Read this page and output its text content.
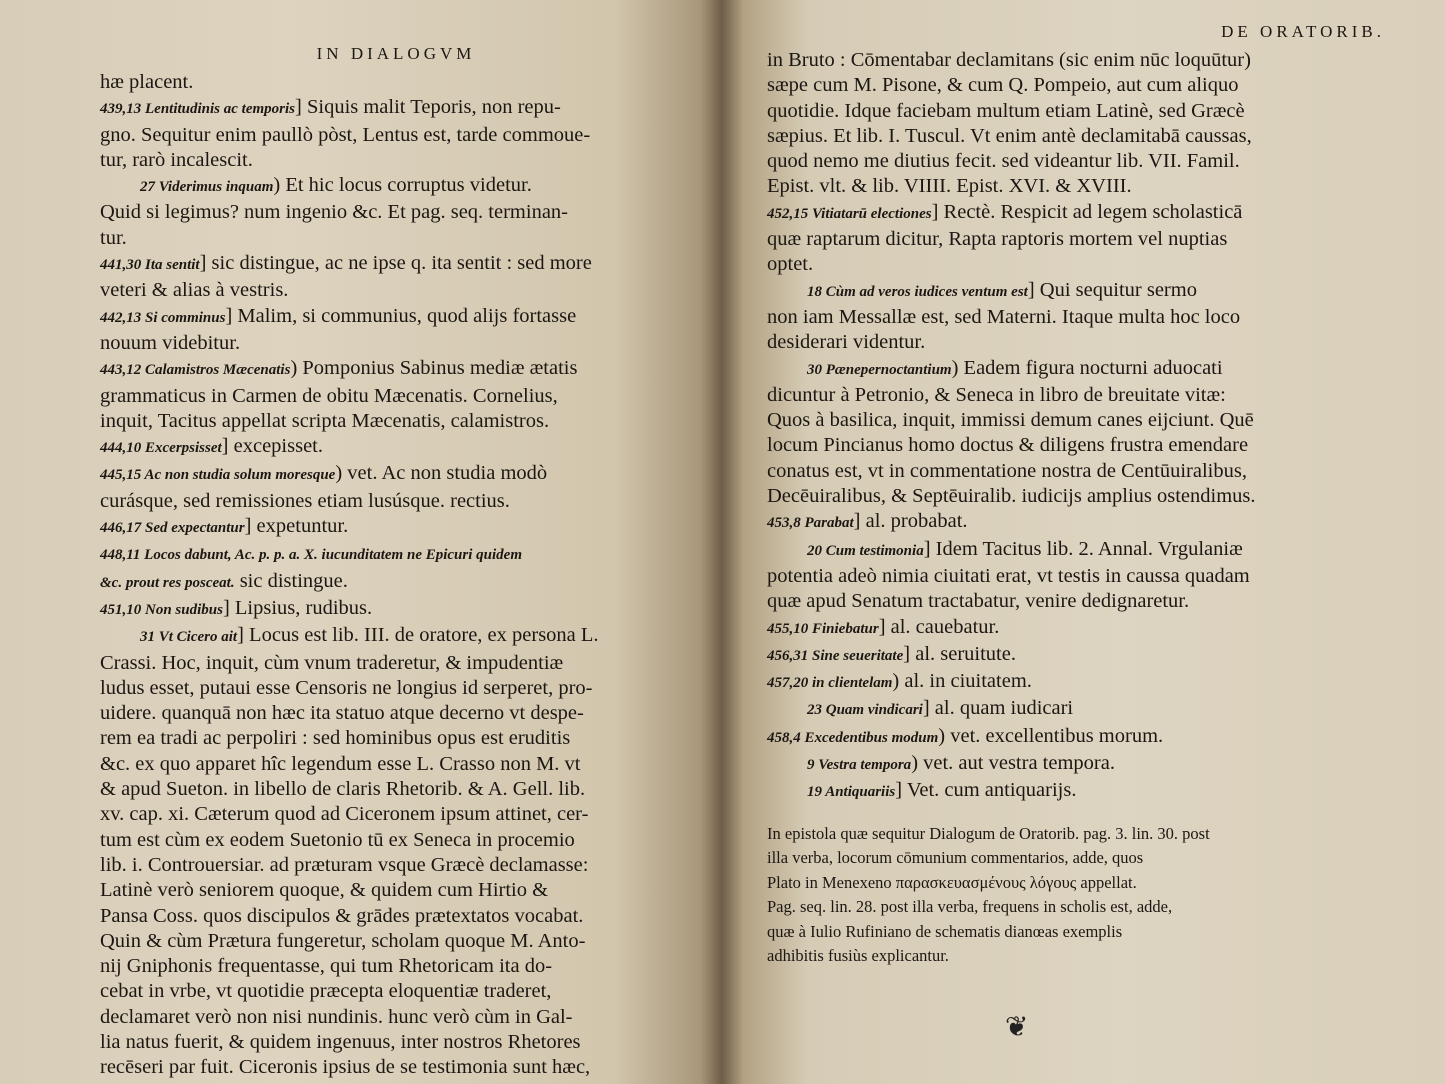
IN DIALOGVM
hæ placent.
439,13 Lentitudinis ac temporis] Siquis malit Teporis, non repu-
gno. Sequitur enim paullò pòst, Lentus est, tarde commoue-
tur, rarò incalescit.
27 Viderimus inquam) Et hic locus corruptus videtur.
Quid si legimus? num ingenio &c. Et pag. seq. terminan-
tur.
441,30 Ita sentit] sic distingue, ac ne ipse q. ita sentit : sed more
veteri & alias à vestris.
442,13 Si comminus] Malim, si communius, quod alijs fortasse
nouum videbitur.
443,12 Calamistros Mæcenatis) Pomponius Sabinus mediæ ætatis
grammaticus in Carmen de obitu Mæcenatis. Cornelius,
inquit, Tacitus appellat scripta Mæcenatis, calamistros.
444,10 Excerpsisset] excepisset.
445,15 Ac non studia solum moresque) vet. Ac non studia modò
curásque, sed remissiones etiam lusúsque. rectius.
446,17 Sed expectantur] expetuntur.
448,11 Locos dabunt, Ac. p. p. a. X. iucunditatem ne Epicuri quidem
&c. prout res posceat. sic distingue.
451,10 Non sudibus] Lipsius, rudibus.
31 Vt Cicero ait] Locus est lib. III. de oratore, ex persona L.
Crassi. Hoc, inquit, cùm vnum traderetur, & impudentiæ
ludus esset, putaui esse Censoris ne longius id serperet, pro-
uidere. quanquā non hæc ita statuo atque decerno vt despe-
rem ea tradi ac perpoliri : sed hominibus opus est eruditis
&c. ex quo apparet hîc legendum esse L. Crasso non M. vt
& apud Sueton. in libello de claris Rhetorib. & A. Gell. lib.
xv. cap. xi. Cæterum quod ad Ciceronem ipsum attinet, cer-
tum est cùm ex eodem Suetonio tū ex Seneca in procemio
lib. i. Controuersiar. ad præturam vsque Græcè declamasse:
Latinè verò seniorem quoque, & quidem cum Hirtio &
Pansa Coss. quos discipulos & grādes prætextatos vocabat.
Quin & cùm Prætura fungeretur, scholam quoque M. Anto-
nij Gniphonis frequentasse, qui tum Rhetoricam ita do-
cebat in vrbe, vt quotidie præcepta eloquentiæ traderet,
declamaret verò non nisi nundinis. hunc verò cùm in Gal-
lia natus fuerit, & quidem ingenuus, inter nostros Rhetores
recēseri par fuit. Ciceronis ipsius de se testimonia sunt hæc,
DE ORATORIB.
in Bruto : Cōmentabar declamitans (sic enim nūc loquūtur)
sæpe cum M. Pisone, & cum Q. Pompeio, aut cum aliquo
quotidie. Idque faciebam multum etiam Latinè, sed Græcè
sæpius. Et lib. I. Tuscul. Vt enim antè declamitabā caussas,
quod nemo me diutius fecit. sed videantur lib. VII. Famil.
Epist. vlt. & lib. VIIII. Epist. XVI. & XVIII.
452,15 Vitiatarū electiones] Rectè. Respicit ad legem scholasticā
quæ raptarum dicitur, Rapta raptoris mortem vel nuptias
optet.
18 Cùm ad veros iudices ventum est] Qui sequitur sermo
non iam Messallæ est, sed Materni. Itaque multa hoc loco
desiderari videntur.
30 Pænepernoctantium) Eadem figura nocturni aduocati
dicuntur à Petronio, & Seneca in libro de breuitate vitæ:
Quos à basilica, inquit, immissi demum canes eijciunt. Quē
locum Pincianus homo doctus & diligens frustra emendare
conatus est, vt in commentatione nostra de Centūuiralibus,
Decēuiralibus, & Septēuiralib. iudicijs amplius ostendimus.
453,8 Parabat] al. probabat.
20 Cum testimonia] Idem Tacitus lib. 2. Annal. Vrgulaniæ
potentia adeò nimia ciuitati erat, vt testis in caussa quadam
quæ apud Senatum tractabatur, venire dedignaretur.
455,10 Finiebatur] al. cauebatur.
456,31 Sine seueritate] al. seruitute.
457,20 in clientelam) al. in ciuitatem.
23 Quam vindicari] al. quam iudicari
458,4 Excedentibus modum) vet. excellentibus morum.
9 Vestra tempora) vet. aut vestra tempora.
19 Antiquariis] Vet. cum antiquarijs.
In epistola quæ sequitur Dialogum de Oratorib. pag. 3. lin. 30. post
illa verba, locorum cōmunium commentarios, adde, quos
Plato in Menexeno παρασκευασμένους λόγους appellat.
Pag. seq. lin. 28. post illa verba, frequens in scholis est, adde,
quæ à Iulio Rufiniano de schematis dianœas exemplis
adhibitis fusiùs explicantur.
❦
